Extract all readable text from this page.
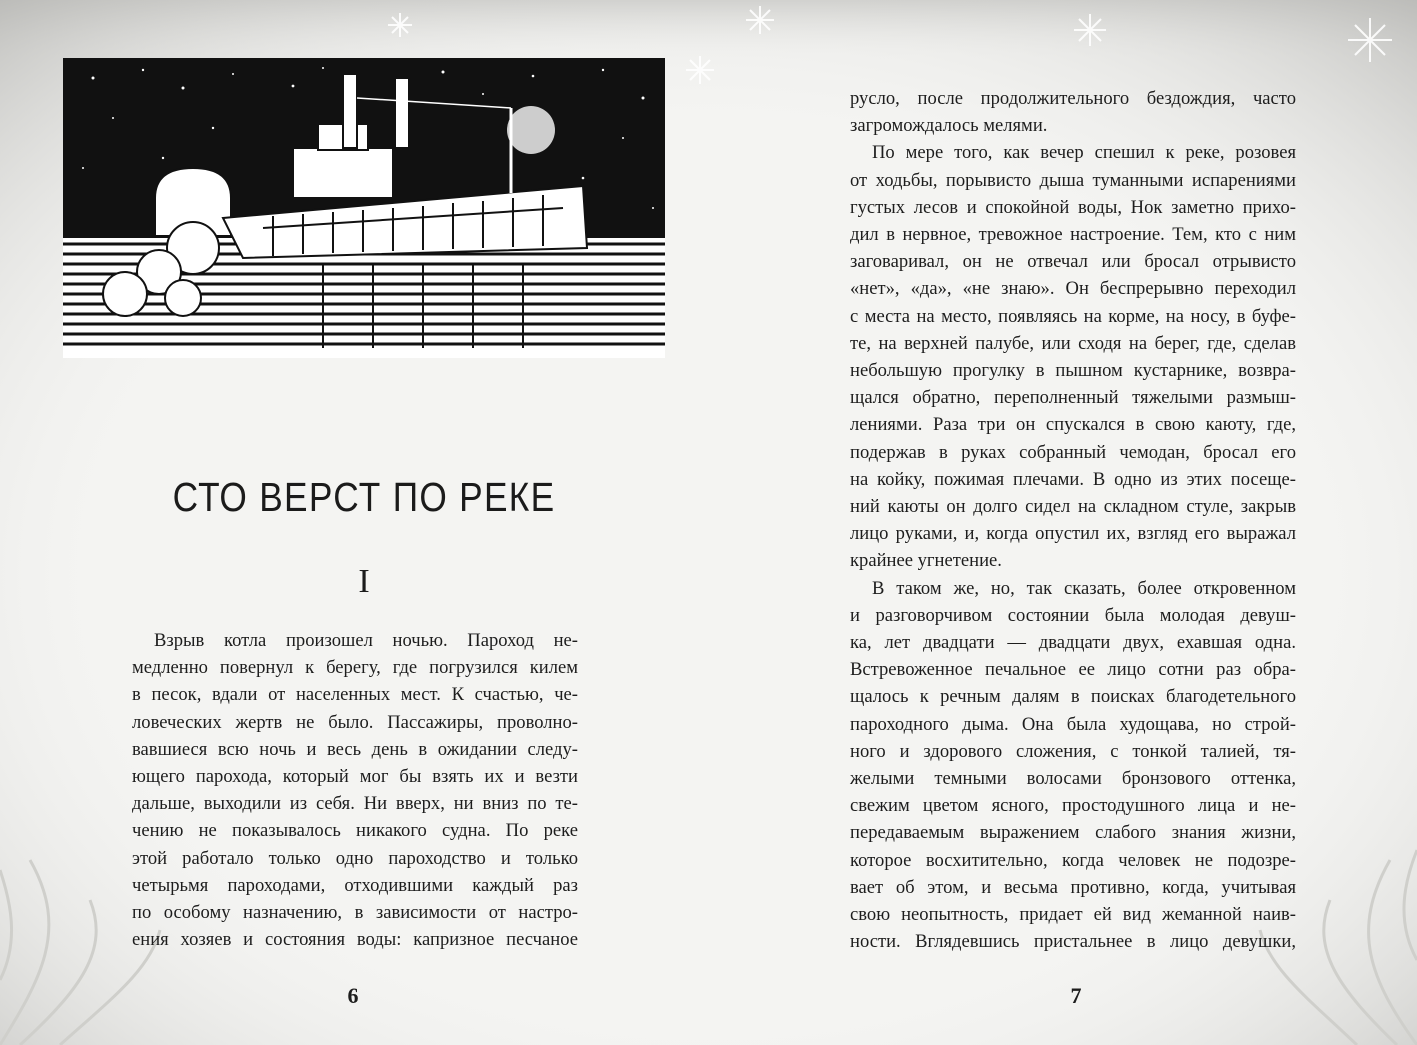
СТО ВЕРСТ ПО РЕКЕ
I
Взрыв котла произошел ночью. Пароход не-
медленно повернул к берегу, где погрузился килем
в песок, вдали от населенных мест. К счастью, че-
ловеческих жертв не было. Пассажиры, проволно-
вавшиеся всю ночь и весь день в ожидании следу-
ющего парохода, который мог бы взять их и везти
дальше, выходили из себя. Ни вверх, ни вниз по те-
чению не показывалось никакого судна. По реке
этой работало только одно пароходство и только
четырьмя пароходами, отходившими каждый раз
по особому назначению, в зависимости от настро-
ения хозяев и состояния воды: капризное песчаное
6
русло, после продолжительного бездождия, часто
загромождалось мелями.
По мере того, как вечер спешил к реке, розовея
от ходьбы, порывисто дыша туманными испарениями
густых лесов и спокойной воды, Нок заметно прихо-
дил в нервное, тревожное настроение. Тем, кто с ним
заговаривал, он не отвечал или бросал отрывисто
«нет», «да», «не знаю». Он беспрерывно переходил
с места на место, появляясь на корме, на носу, в буфе-
те, на верхней палубе, или сходя на берег, где, сделав
небольшую прогулку в пышном кустарнике, возвра-
щался обратно, переполненный тяжелыми размыш-
лениями. Раза три он спускался в свою каюту, где,
подержав в руках собранный чемодан, бросал его
на койку, пожимая плечами. В одно из этих посеще-
ний каюты он долго сидел на складном стуле, закрыв
лицо руками, и, когда опустил их, взгляд его выражал
крайнее угнетение.
В таком же, но, так сказать, более откровенном
и разговорчивом состоянии была молодая девуш-
ка, лет двадцати — двадцати двух, ехавшая одна.
Встревоженное печальное ее лицо сотни раз обра-
щалось к речным далям в поисках благодетельного
пароходного дыма. Она была худощава, но строй-
ного и здорового сложения, с тонкой талией, тя-
желыми темными волосами бронзового оттенка,
свежим цветом ясного, простодушного лица и не-
передаваемым выражением слабого знания жизни,
которое восхитительно, когда человек не подозре-
вает об этом, и весьма противно, когда, учитывая
свою неопытность, придает ей вид жеманной наив-
ности. Вглядевшись пристальнее в лицо девушки,
7
